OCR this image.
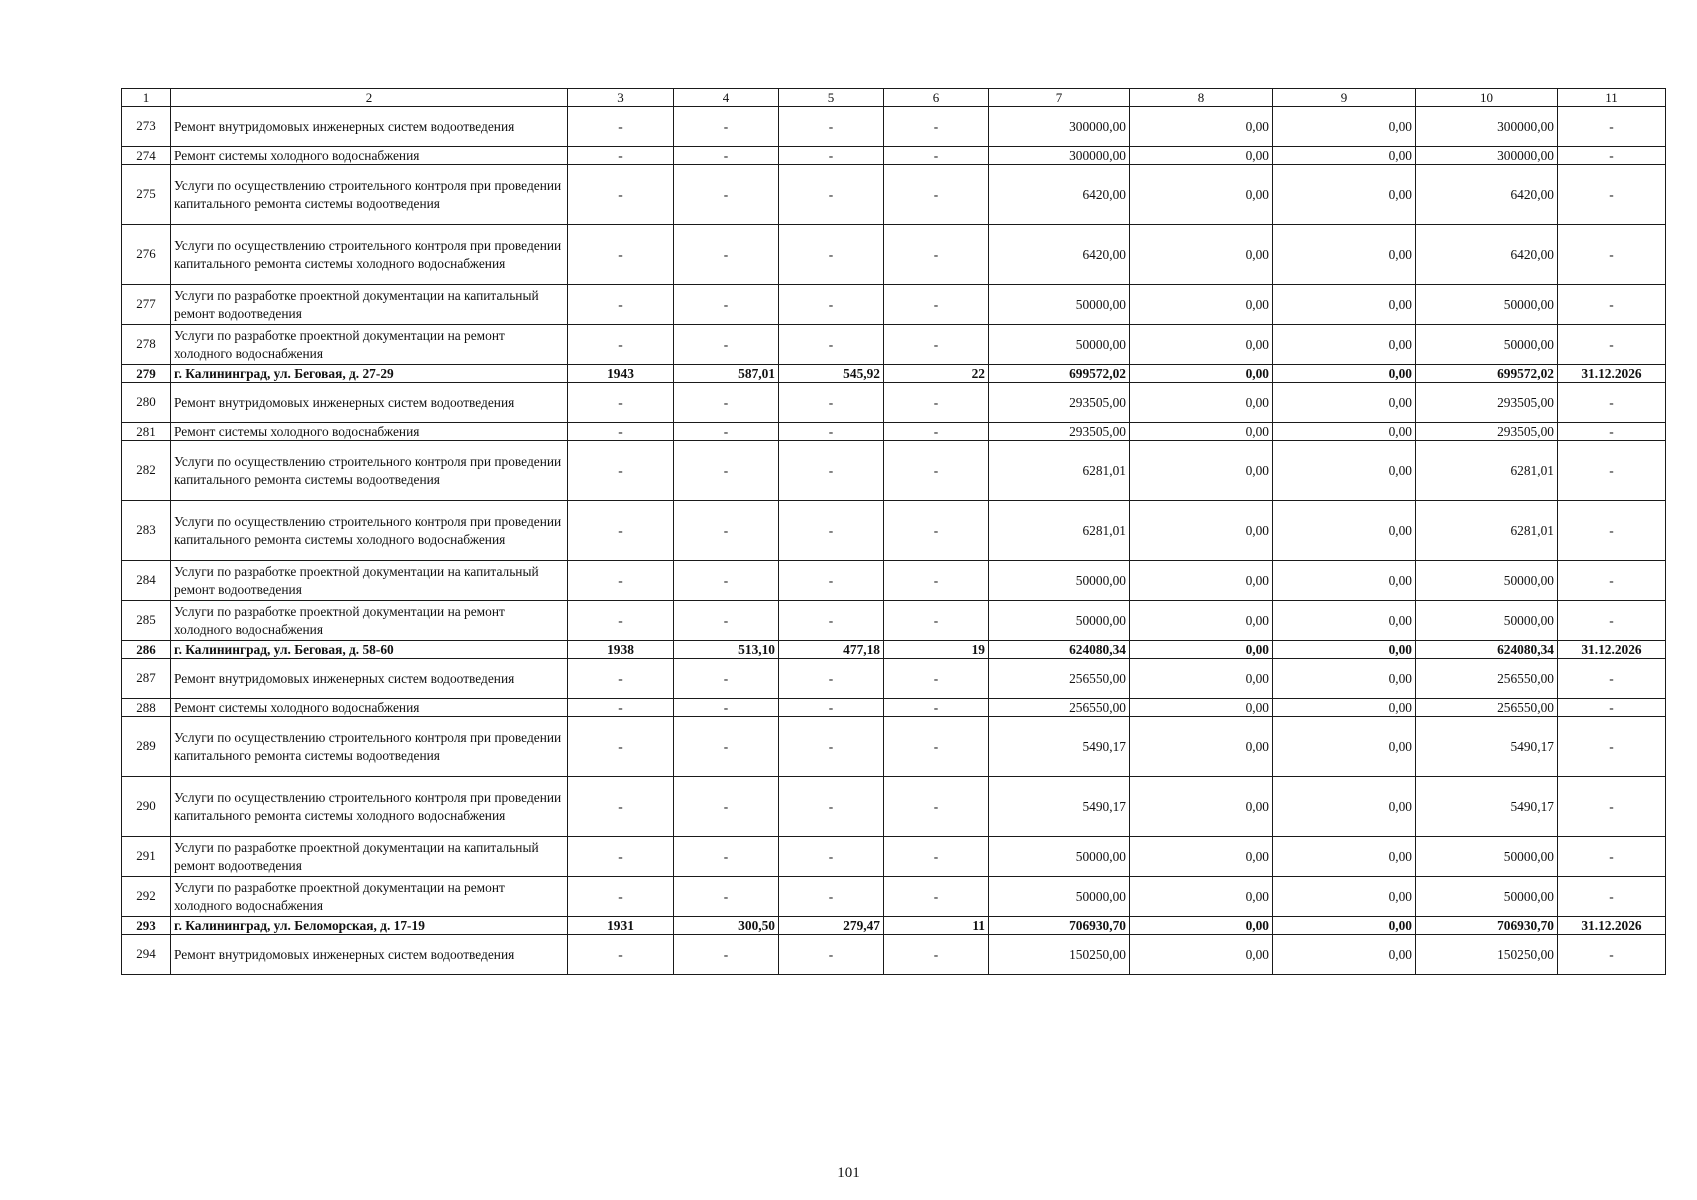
1	2	3	4	5	6	7	8	9	10	11
273	Ремонт внутридомовых инженерных систем водоотведения	-	-	-	-	300000,00	0,00	0,00	300000,00	-
274	Ремонт системы холодного водоснабжения	-	-	-	-	300000,00	0,00	0,00	300000,00	-
275	Услуги по осуществлению строительного контроля при проведении капитального ремонта системы водоотведения	-	-	-	-	6420,00	0,00	0,00	6420,00	-
276	Услуги по осуществлению строительного контроля при проведении капитального ремонта системы холодного водоснабжения	-	-	-	-	6420,00	0,00	0,00	6420,00	-
277	Услуги по разработке проектной документации на капитальный ремонт водоотведения	-	-	-	-	50000,00	0,00	0,00	50000,00	-
278	Услуги по разработке проектной документации на ремонт холодного водоснабжения	-	-	-	-	50000,00	0,00	0,00	50000,00	-
279	г. Калининград, ул. Беговая, д. 27-29	1943	587,01	545,92	22	699572,02	0,00	0,00	699572,02	31.12.2026
280	Ремонт внутридомовых инженерных систем водоотведения	-	-	-	-	293505,00	0,00	0,00	293505,00	-
281	Ремонт системы холодного водоснабжения	-	-	-	-	293505,00	0,00	0,00	293505,00	-
282	Услуги по осуществлению строительного контроля при проведении капитального ремонта системы водоотведения	-	-	-	-	6281,01	0,00	0,00	6281,01	-
283	Услуги по осуществлению строительного контроля при проведении капитального ремонта системы холодного водоснабжения	-	-	-	-	6281,01	0,00	0,00	6281,01	-
284	Услуги по разработке проектной документации на капитальный ремонт водоотведения	-	-	-	-	50000,00	0,00	0,00	50000,00	-
285	Услуги по разработке проектной документации на ремонт холодного водоснабжения	-	-	-	-	50000,00	0,00	0,00	50000,00	-
286	г. Калининград, ул. Беговая, д. 58-60	1938	513,10	477,18	19	624080,34	0,00	0,00	624080,34	31.12.2026
287	Ремонт внутридомовых инженерных систем водоотведения	-	-	-	-	256550,00	0,00	0,00	256550,00	-
288	Ремонт системы холодного водоснабжения	-	-	-	-	256550,00	0,00	0,00	256550,00	-
289	Услуги по осуществлению строительного контроля при проведении капитального ремонта системы водоотведения	-	-	-	-	5490,17	0,00	0,00	5490,17	-
290	Услуги по осуществлению строительного контроля при проведении капитального ремонта системы холодного водоснабжения	-	-	-	-	5490,17	0,00	0,00	5490,17	-
291	Услуги по разработке проектной документации на капитальный ремонт водоотведения	-	-	-	-	50000,00	0,00	0,00	50000,00	-
292	Услуги по разработке проектной документации на ремонт холодного водоснабжения	-	-	-	-	50000,00	0,00	0,00	50000,00	-
293	г. Калининград, ул. Беломорская, д. 17-19	1931	300,50	279,47	11	706930,70	0,00	0,00	706930,70	31.12.2026
294	Ремонт внутридомовых инженерных систем водоотведения	-	-	-	-	150250,00	0,00	0,00	150250,00	-
101
